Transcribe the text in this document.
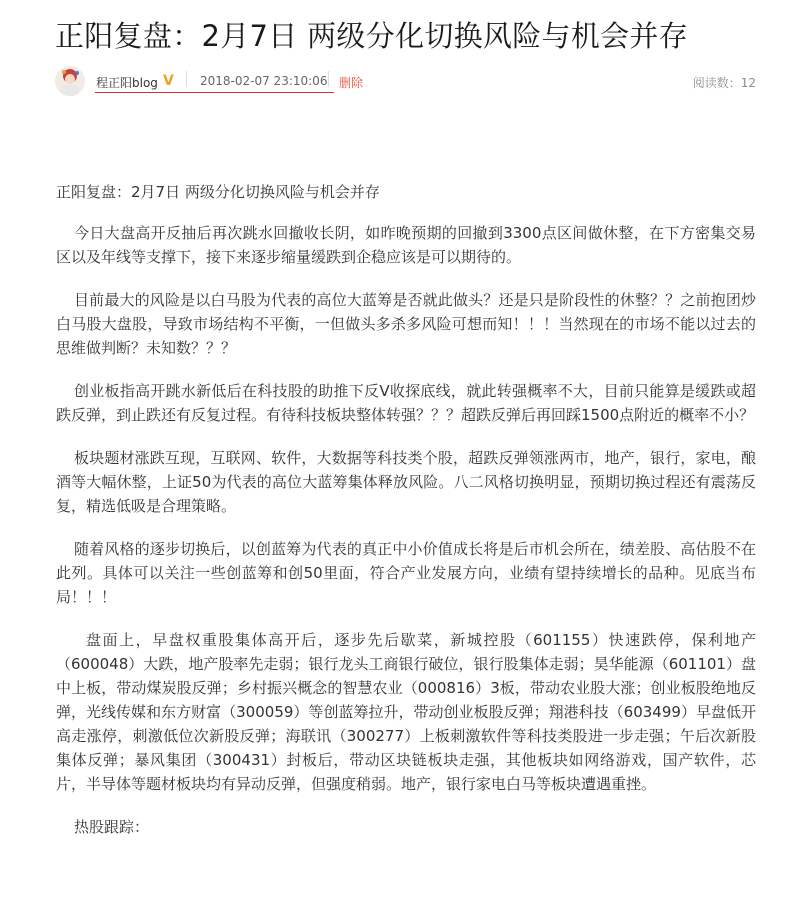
正阳复盘：2月7日 两级分化切换风险与机会并存
程正阳blog V 2018-02-07 23:10:06 删除	阅读数：12

正阳复盘：2月7日 两级分化切换风险与机会并存

今日大盘高开反抽后再次跳水回撤收长阴，如昨晚预期的回撤到3300点区间做休整，在下方密集交易区以及年线等支撑下，接下来逐步缩量缓跌到企稳应该是可以期待的。

目前最大的风险是以白马股为代表的高位大蓝筹是否就此做头？还是只是阶段性的休整？？之前抱团炒白马股大盘股，导致市场结构不平衡，一但做头多杀多风险可想而知！！！当然现在的市场不能以过去的思维做判断？未知数？？？

创业板指高开跳水新低后在科技股的助推下反V收探底线，就此转强概率不大，目前只能算是缓跌或超跌反弹，到止跌还有反复过程。有待科技板块整体转强？？？超跌反弹后再回踩1500点附近的概率不小？

板块题材涨跌互现，互联网、软件，大数据等科技类个股，超跌反弹领涨两市，地产，银行，家电，酿酒等大幅休整，上证50为代表的高位大蓝筹集体释放风险。八二风格切换明显，预期切换过程还有震荡反复，精选低吸是合理策略。

随着风格的逐步切换后，以创蓝筹为代表的真正中小价值成长将是后市机会所在，绩差股、高估股不在此列。具体可以关注一些创蓝筹和创50里面，符合产业发展方向，业绩有望持续增长的品种。见底当布局！！！

盘面上，早盘权重股集体高开后，逐步先后歇菜，新城控股（601155）快速跌停，保利地产（600048）大跌，地产股率先走弱；银行龙头工商银行破位，银行股集体走弱；昊华能源（601101）盘中上板，带动煤炭股反弹；乡村振兴概念的智慧农业（000816）3板，带动农业股大涨；创业板股绝地反弹，光线传媒和东方财富（300059）等创蓝筹拉升，带动创业板股反弹；翔港科技（603499）早盘低开高走涨停，刺激低位次新股反弹；海联讯（300277）上板刺激软件等科技类股进一步走强；午后次新股集体反弹；暴风集团（300431）封板后，带动区块链板块走强，其他板块如网络游戏，国产软件，芯片，半导体等题材板块均有异动反弹，但强度稍弱。地产，银行家电白马等板块遭遇重挫。

热股跟踪：
